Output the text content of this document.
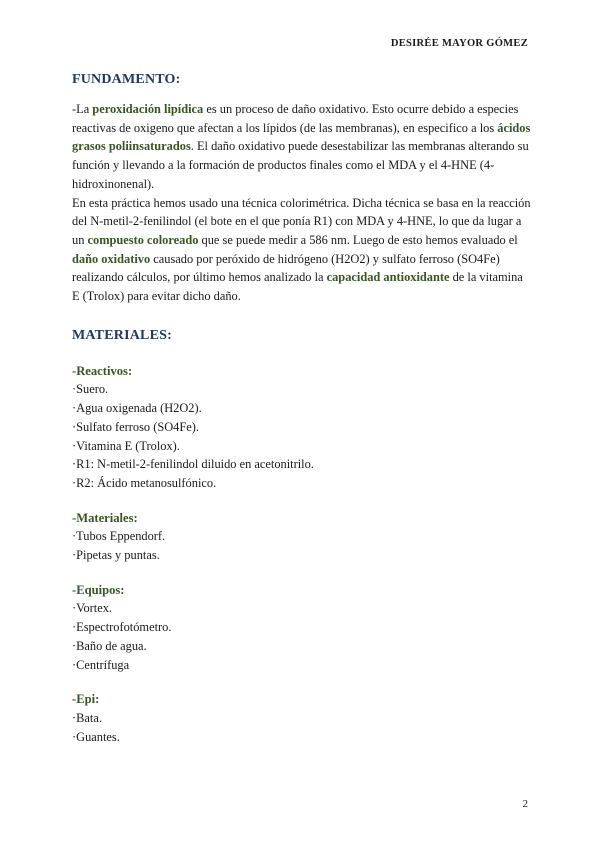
DESIRÉE MAYOR GÓMEZ
FUNDAMENTO:

-La peroxidación lipídica es un proceso de daño oxidativo. Esto ocurre debido a especies reactivas de oxigeno que afectan a los lípidos (de las membranas), en especifico a los ácidos grasos poliinsaturados. El daño oxidativo puede desestabilizar las membranas alterando su función y llevando a la formación de productos finales como el MDA y el 4-HNE (4-hidroxinonenal).

En esta práctica hemos usado una técnica colorimétrica. Dicha técnica se basa en la reacción del N-metil-2-fenilindol (el bote en el que ponía R1) con MDA y 4-HNE, lo que da lugar a un compuesto coloreado que se puede medir a 586 nm. Luego de esto hemos evaluado el daño oxidativo causado por peróxido de hidrógeno (H2O2) y sulfato ferroso (SO4Fe) realizando cálculos, por último hemos analizado la capacidad antioxidante de la vitamina E (Trolox) para evitar dicho daño.

MATERIALES:
-Reactivos:
·Suero.
·Agua oxigenada (H2O2).
·Sulfato ferroso (SO4Fe).
·Vitamina E (Trolox).
·R1: N-metil-2-fenilindol diluido en acetonitrilo.
·R2: Ácido metanosulfónico.
-Materiales:
·Tubos Eppendorf.
·Pipetas y puntas.
-Equipos:
·Vortex.
·Espectrofotómetro.
·Baño de agua.
·Centrífuga
-Epi:
·Bata.
·Guantes.
2
